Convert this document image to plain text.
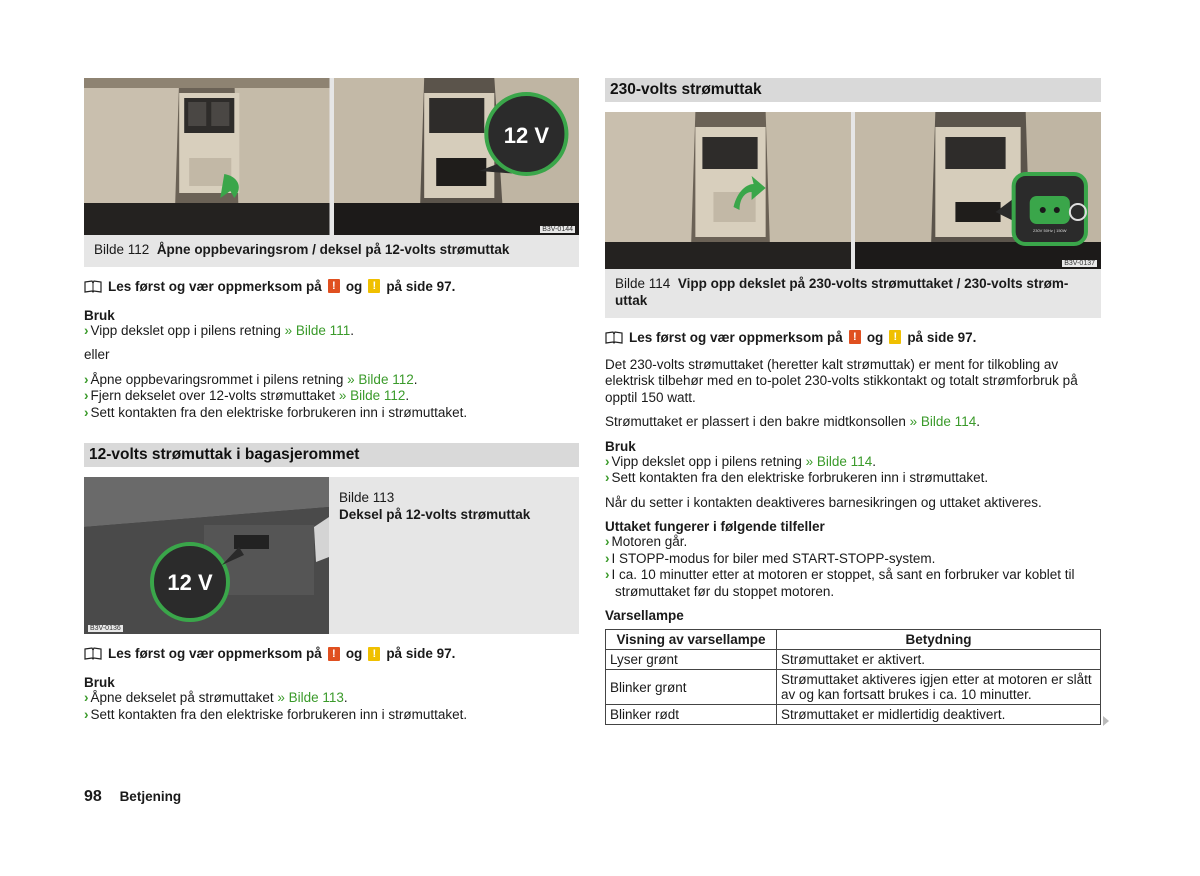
12 V
B3V-0144
Bilde 112 Åpne oppbevaringsrom / deksel på 12-volts strømuttak
Les først og vær oppmerksom på ! og ! på side 97.
Bruk
› Vipp dekslet opp i pilens retning » Bilde 111.
eller
› Åpne oppbevaringsrommet i pilens retning » Bilde 112.
› Fjern dekselet over 12-volts strømuttaket » Bilde 112.
› Sett kontakten fra den elektriske forbrukeren inn i strømuttaket.
12-volts strømuttak i bagasjerommet
12 V
B3V-0136
Bilde 113
Deksel på 12-volts strømuttak
Les først og vær oppmerksom på ! og ! på side 97.
Bruk
› Åpne dekselet på strømuttaket » Bilde 113.
› Sett kontakten fra den elektriske forbrukeren inn i strømuttaket.
230-volts strømuttak
230V 50Hz | 150W
B3V-0137
Bilde 114 Vipp opp dekslet på 230-volts strømuttaket / 230-volts strøm-uttak
Les først og vær oppmerksom på ! og ! på side 97.
Det 230-volts strømuttaket (heretter kalt strømuttak) er ment for tilkobling av elektrisk tilbehør med en to-polet 230-volts stikkontakt og totalt strømforbruk på opptil 150 watt.
Strømuttaket er plassert i den bakre midtkonsollen » Bilde 114.
Bruk
› Vipp dekslet opp i pilens retning » Bilde 114.
› Sett kontakten fra den elektriske forbrukeren inn i strømuttaket.
Når du setter i kontakten deaktiveres barnesikringen og uttaket aktiveres.
Uttaket fungerer i følgende tilfeller
› Motoren går.
› I STOPP-modus for biler med START-STOPP-system.
› I ca. 10 minutter etter at motoren er stoppet, så sant en forbruker var koblet til strømuttaket før du stoppet motoren.
Varsellampe
Visning av varsellampe	Betydning
Lyser grønt	Strømuttaket er aktivert.
Blinker grønt	Strømuttaket aktiveres igjen etter at motoren er slått av og kan fortsatt brukes i ca. 10 minutter.
Blinker rødt	Strømuttaket er midlertidig deaktivert.
98 Betjening
